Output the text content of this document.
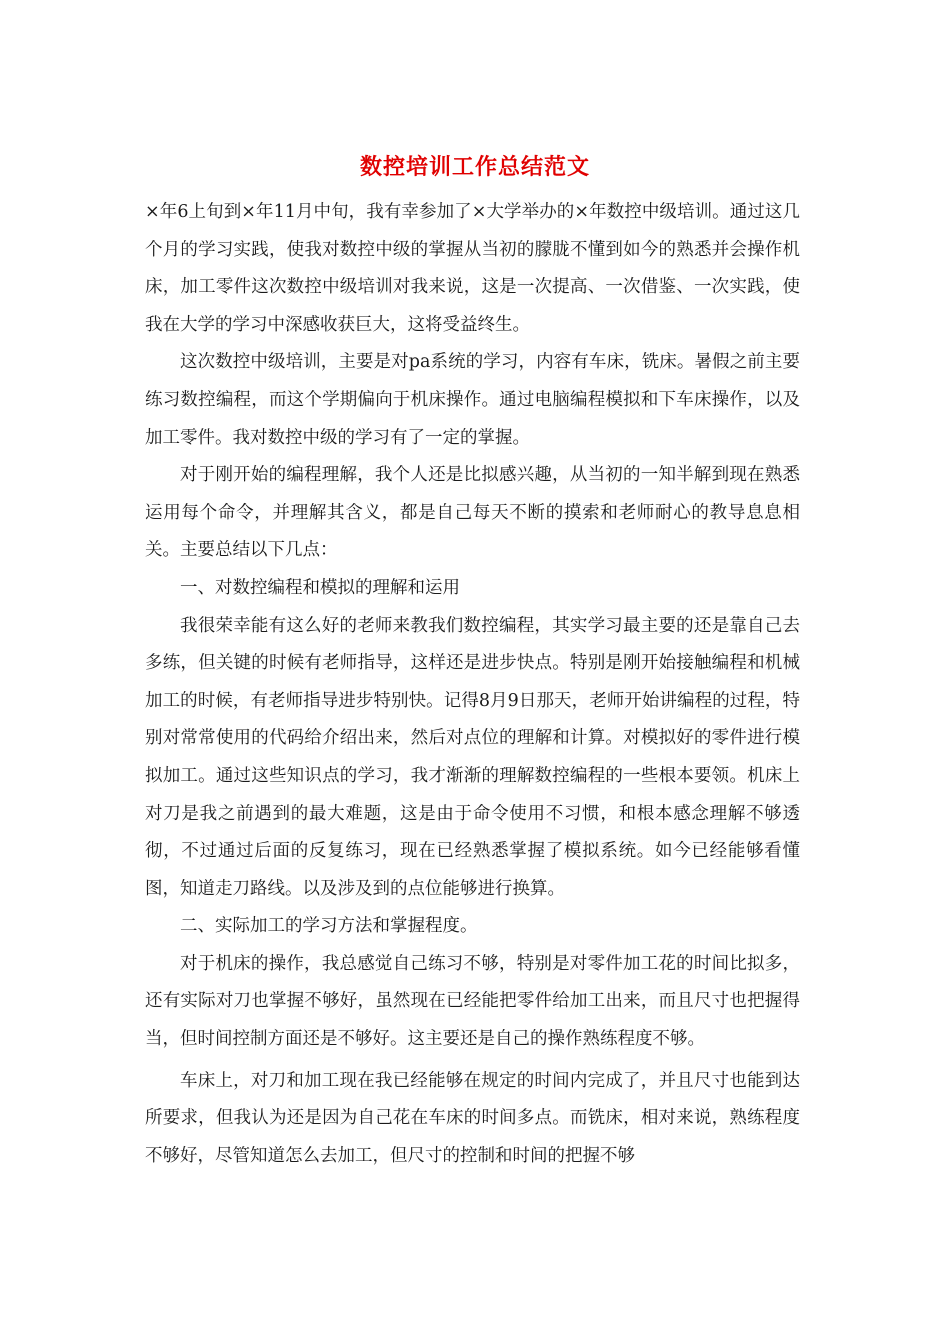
数控培训工作总结范文

×年6上旬到×年11月中旬，我有幸参加了×大学举办的×年数控中级培训。通过这几个月的学习实践，使我对数控中级的掌握从当初的朦胧不懂到如今的熟悉并会操作机床，加工零件这次数控中级培训对我来说，这是一次提高、一次借鉴、一次实践，使我在大学的学习中深感收获巨大，这将受益终生。

这次数控中级培训，主要是对pa系统的学习，内容有车床，铣床。暑假之前主要练习数控编程，而这个学期偏向于机床操作。通过电脑编程模拟和下车床操作，以及加工零件。我对数控中级的学习有了一定的掌握。

对于刚开始的编程理解，我个人还是比拟感兴趣，从当初的一知半解到现在熟悉运用每个命令，并理解其含义，都是自己每天不断的摸索和老师耐心的教导息息相关。主要总结以下几点：

一、对数控编程和模拟的理解和运用

我很荣幸能有这么好的老师来教我们数控编程，其实学习最主要的还是靠自己去多练，但关键的时候有老师指导，这样还是进步快点。特别是刚开始接触编程和机械加工的时候，有老师指导进步特别快。记得8月9日那天，老师开始讲编程的过程，特别对常常使用的代码给介绍出来，然后对点位的理解和计算。对模拟好的零件进行模拟加工。通过这些知识点的学习，我才渐渐的理解数控编程的一些根本要领。机床上对刀是我之前遇到的最大难题，这是由于命令使用不习惯，和根本感念理解不够透彻，不过通过后面的反复练习，现在已经熟悉掌握了模拟系统。如今已经能够看懂图，知道走刀路线。以及涉及到的点位能够进行换算。

二、实际加工的学习方法和掌握程度。

对于机床的操作，我总感觉自己练习不够，特别是对零件加工花的时间比拟多，还有实际对刀也掌握不够好，虽然现在已经能把零件给加工出来，而且尺寸也把握得当，但时间控制方面还是不够好。这主要还是自己的操作熟练程度不够。

车床上，对刀和加工现在我已经能够在规定的时间内完成了，并且尺寸也能到达所要求，但我认为还是因为自己花在车床的时间多点。而铣床，相对来说，熟练程度不够好，尽管知道怎么去加工，但尺寸的控制和时间的把握不够
